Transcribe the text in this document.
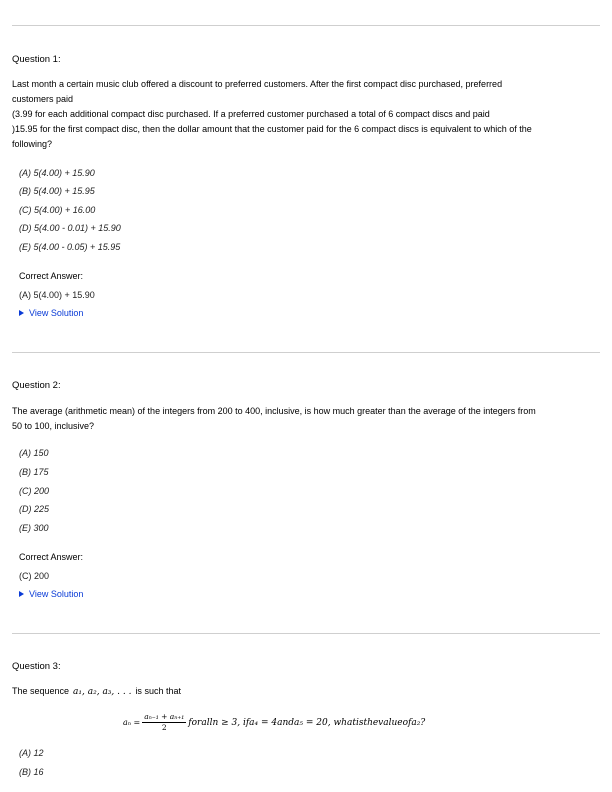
Question 1:
Last month a certain music club offered a discount to preferred customers. After the first compact disc purchased, preferred
customers paid
(3.99 for each additional compact disc purchased. If a preferred customer purchased a total of 6 compact discs and paid
)15.95 for the first compact disc, then the dollar amount that the customer paid for the 6 compact discs is equivalent to which of the
following?
(A) 5(4.00) + 15.90
(B) 5(4.00) + 15.95
(C) 5(4.00) + 16.00
(D) 5(4.00 - 0.01) + 15.90
(E) 5(4.00 - 0.05) + 15.95
Correct Answer:
(A) 5(4.00) + 15.90
View Solution
Question 2:
The average (arithmetic mean) of the integers from 200 to 400, inclusive, is how much greater than the average of the integers from
50 to 100, inclusive?
(A) 150
(B) 175
(C) 200
(D) 225
(E) 300
Correct Answer:
(C) 200
View Solution
Question 3:
The sequence a₁, a₂, a₃, . . . is such that
$a_n = \frac{\text{aₙ₋₁ + aₙ₊₁}}{2}$ foralln ≥ 3, ifa₄ = 4anda₅ = 20, whatisthevalueofa₂?
(A) 12
(B) 16
